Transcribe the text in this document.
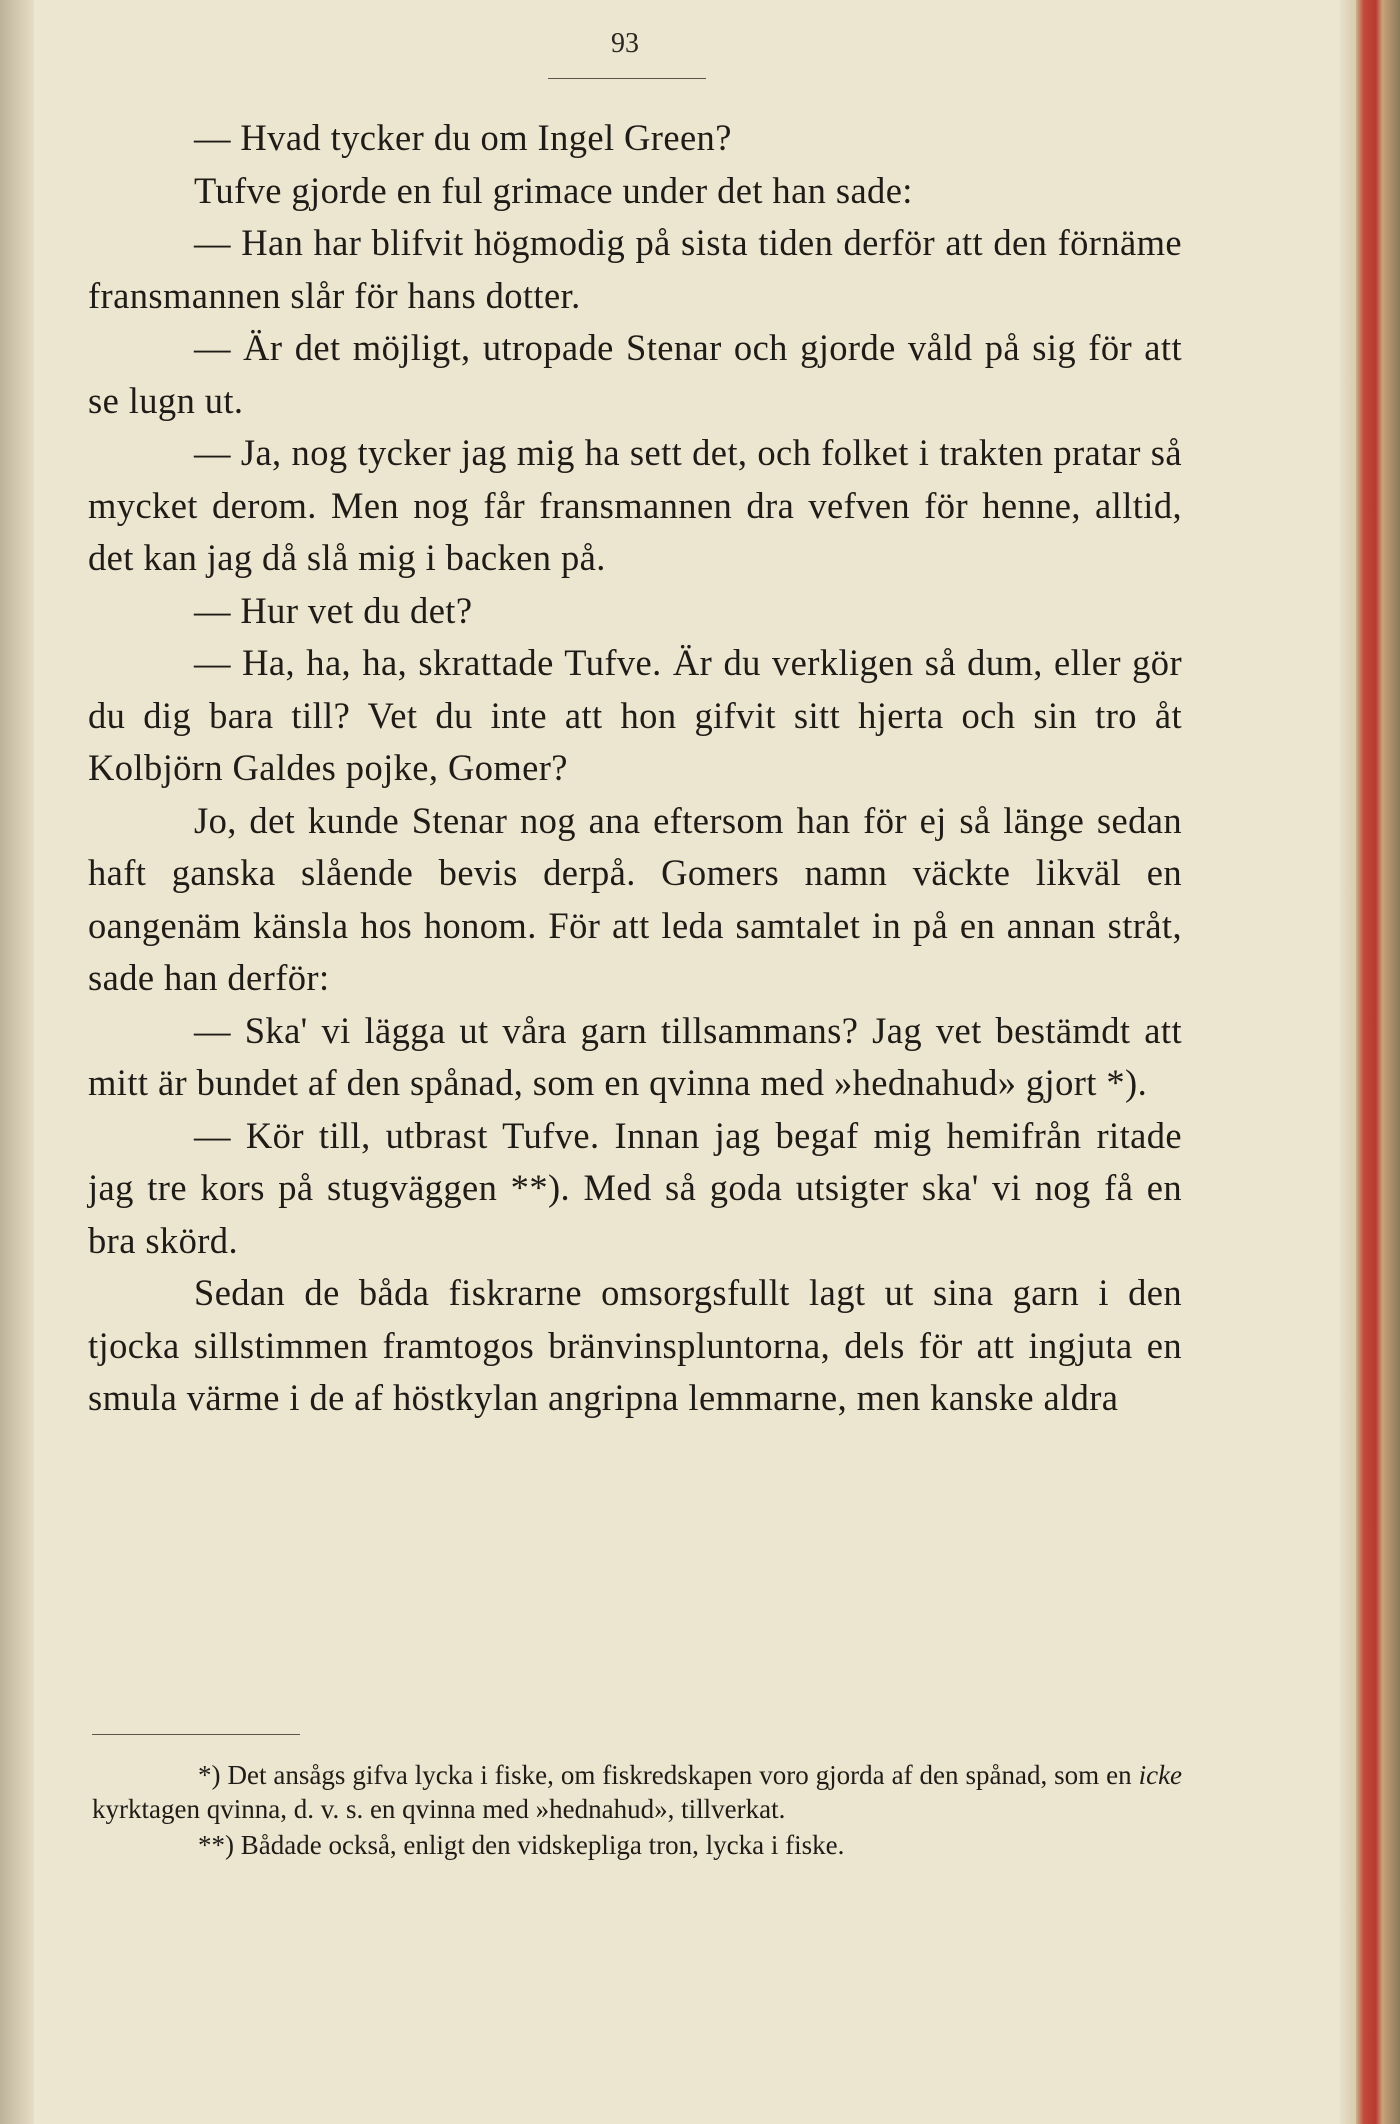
93

— Hvad tycker du om Ingel Green?

Tufve gjorde en ful grimace under det han sade:

— Han har blifvit högmodig på sista tiden derför att den förnäme fransmannen slår för hans dotter.

— Är det möjligt, utropade Stenar och gjorde våld på sig för att se lugn ut.

— Ja, nog tycker jag mig ha sett det, och folket i trakten pratar så mycket derom. Men nog får fransmannen dra vefven för henne, alltid, det kan jag då slå mig i backen på.

— Hur vet du det?

— Ha, ha, ha, skrattade Tufve. Är du verkligen så dum, eller gör du dig bara till? Vet du inte att hon gifvit sitt hjerta och sin tro åt Kolbjörn Galdes pojke, Gomer?

Jo, det kunde Stenar nog ana eftersom han för ej så länge sedan haft ganska slående bevis derpå. Gomers namn väckte likväl en oangenäm känsla hos honom. För att leda samtalet in på en annan stråt, sade han derför:

— Ska' vi lägga ut våra garn tillsammans? Jag vet bestämdt att mitt är bundet af den spånad, som en qvinna med »hednahud» gjort *).

— Kör till, utbrast Tufve. Innan jag begaf mig hemifrån ritade jag tre kors på stugväggen **). Med så goda utsigter ska' vi nog få en bra skörd.

Sedan de båda fiskrarne omsorgsfullt lagt ut sina garn i den tjocka sillstimmen framtogos bränvinspluntorna, dels för att ingjuta en smula värme i de af höstkylan angripna lemmarne, men kanske aldra

*) Det ansågs gifva lycka i fiske, om fiskredskapen voro gjorda af den spånad, som en icke kyrktagen qvinna, d. v. s. en qvinna med »hednahud», tillverkat.

**) Bådade också, enligt den vidskepliga tron, lycka i fiske.
